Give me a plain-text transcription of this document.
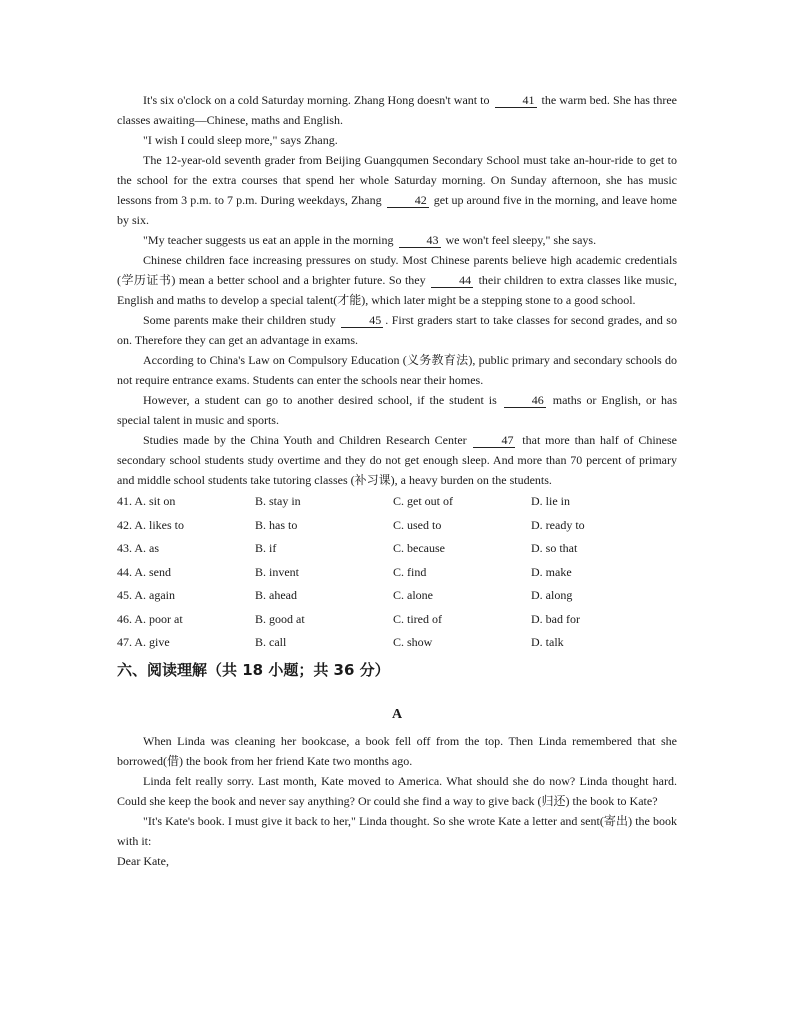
It's six o'clock on a cold Saturday morning. Zhang Hong doesn't want to	41 the warm bed. She has three classes awaiting—Chinese, maths and English.

"I wish I could sleep more," says Zhang.

The 12-year-old seventh grader from Beijing Guangqumen Secondary School must take an-hour-ride to get to the school for the extra courses that spend her whole Saturday morning. On Sunday afternoon, she has music lessons from 3 p.m. to 7 p.m. During weekdays, Zhang	42 get up around five in the morning, and leave home by six.

"My teacher suggests us eat an apple in the morning	43 we won't feel sleepy," she says.

Chinese children face increasing pressures on study. Most Chinese parents believe high academic credentials (学历证书) mean a better school and a brighter future. So they	44 their children to extra classes like music, English and maths to develop a special talent(才能), which later might be a stepping stone to a good school.

Some parents make their children study	45 . First graders start to take classes for second grades, and so on. Therefore they can get an advantage in exams.

According to China's Law on Compulsory Education (义务教育法), public primary and secondary schools do not require entrance exams. Students can enter the schools near their homes.

However, a student can go to another desired school, if the student is	46 maths or English, or has special talent in music and sports.

Studies made by the China Youth and Children Research Center	47 that more than half of Chinese secondary school students study overtime and they do not get enough sleep. And more than 70 percent of primary and middle school students take tutoring classes (补习课), a heavy burden on the students.

41. A. sit on	B. stay in	C. get out of	D. lie in
42. A. likes to	B. has to	C. used to	D. ready to
43. A. as	B. if	C. because	D. so that
44. A. send	B. invent	C. find	D. make
45. A. again	B. ahead	C. alone	D. along
46. A. poor at	B. good at	C. tired of	D. bad for
47. A. give	B. call	C. show	D. talk
六、阅读理解（共 18 小题；共 36 分）
A

When Linda was cleaning her bookcase, a book fell off from the top. Then Linda remembered that she borrowed(借) the book from her friend Kate two months ago.

Linda felt really sorry. Last month, Kate moved to America. What should she do now? Linda thought hard. Could she keep the book and never say anything? Or could she find a way to give back (归还) the book to Kate?

"It's Kate's book. I must give it back to her," Linda thought. So she wrote Kate a letter and sent(寄出) the book with it:

Dear Kate,
